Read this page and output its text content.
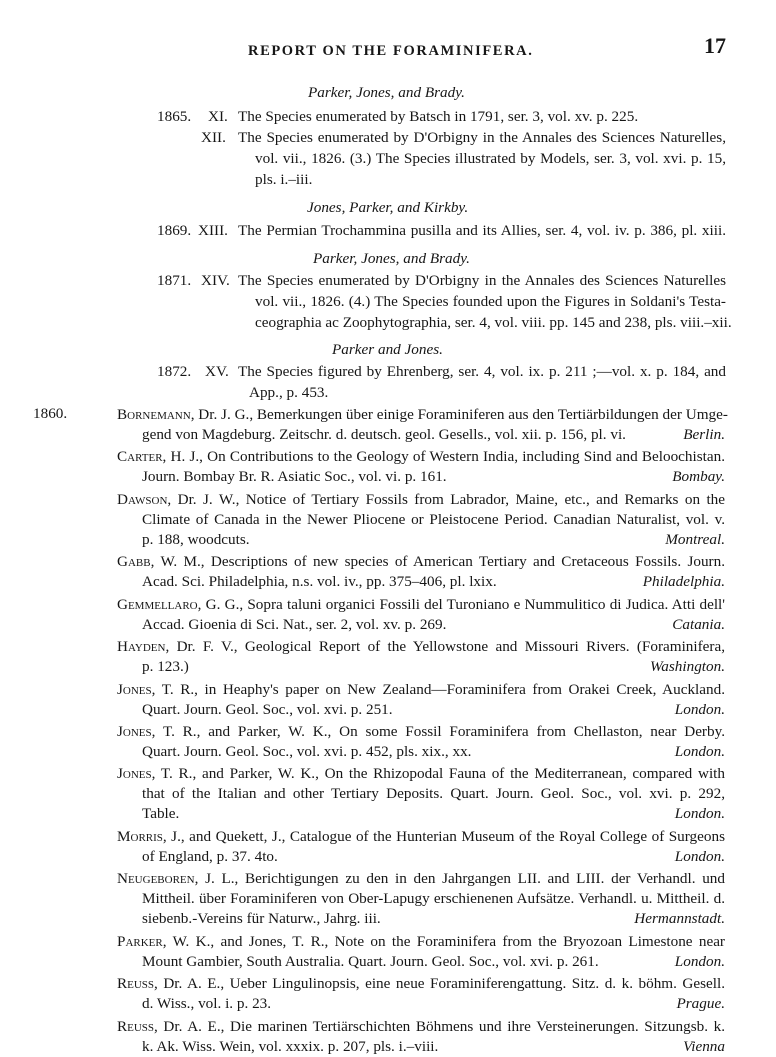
REPORT ON THE FORAMINIFERA.	17
Parker, Jones, and Brady.
1865. XI. The Species enumerated by Batsch in 1791, ser. 3, vol. xv. p. 225.
XII. The Species enumerated by D'Orbigny in the Annales des Sciences Naturelles,
vol. vii., 1826. (3.) The Species illustrated by Models, ser. 3, vol. xvi. p. 15,
pls. i.–iii.
Jones, Parker, and Kirkby.
1869. XIII. The Permian Trochammina pusilla and its Allies, ser. 4, vol. iv. p. 386, pl. xiii.
Parker, Jones, and Brady.
1871. XIV. The Species enumerated by D'Orbigny in the Annales des Sciences Naturelles
vol. vii., 1826. (4.) The Species founded upon the Figures in Soldani's Testa-
ceographia ac Zoophytographia, ser. 4, vol. viii. pp. 145 and 238, pls. viii.–xii.
Parker and Jones.
1872. XV. The Species figured by Ehrenberg, ser. 4, vol. ix. p. 211 ;—vol. x. p. 184, and
App., p. 453.
1860.	Bornemann, Dr. J. G., Bemerkungen über einige Foraminiferen aus den Tertiärbildungen der Umge-
gend von Magdeburg. Zeitschr. d. deutsch. geol. Gesells., vol. xii. p. 156, pl. vi.	Berlin.
Carter, H. J., On Contributions to the Geology of Western India, including Sind and Beloochistan.
Journ. Bombay Br. R. Asiatic Soc., vol. vi. p. 161.	Bombay.
Dawson, Dr. J. W., Notice of Tertiary Fossils from Labrador, Maine, etc., and Remarks on the
Climate of Canada in the Newer Pliocene or Pleistocene Period. Canadian Naturalist, vol. v.
p. 188, woodcuts.	Montreal.
Gabb, W. M., Descriptions of new species of American Tertiary and Cretaceous Fossils. Journ.
Acad. Sci. Philadelphia, n.s. vol. iv., pp. 375–406, pl. lxix.	Philadelphia.
Gemmellaro, G. G., Sopra taluni organici Fossili del Turoniano e Nummulitico di Judica. Atti dell'
Accad. Gioenia di Sci. Nat., ser. 2, vol. xv. p. 269.	Catania.
Hayden, Dr. F. V., Geological Report of the Yellowstone and Missouri Rivers. (Foraminifera,
p. 123.)	Washington.
Jones, T. R., in Heaphy's paper on New Zealand—Foraminifera from Orakei Creek, Auckland.
Quart. Journ. Geol. Soc., vol. xvi. p. 251.	London.
Jones, T. R., and Parker, W. K., On some Fossil Foraminifera from Chellaston, near Derby.
Quart. Journ. Geol. Soc., vol. xvi. p. 452, pls. xix., xx.	London.
Jones, T. R., and Parker, W. K., On the Rhizopodal Fauna of the Mediterranean, compared with
that of the Italian and other Tertiary Deposits. Quart. Journ. Geol. Soc., vol. xvi. p. 292,
Table.	London.
Morris, J., and Quekett, J., Catalogue of the Hunterian Museum of the Royal College of Surgeons
of England, p. 37. 4to.	London.
Neugeboren, J. L., Berichtigungen zu den in den Jahrgangen LII. and LIII. der Verhandl. und
Mittheil. über Foraminiferen von Ober-Lapugy erschienenen Aufsätze. Verhandl. u. Mittheil. d.
siebenb.-Vereins für Naturw., Jahrg. iii.	Hermannstadt.
Parker, W. K., and Jones, T. R., Note on the Foraminifera from the Bryozoan Limestone near
Mount Gambier, South Australia. Quart. Journ. Geol. Soc., vol. xvi. p. 261.	London.
Reuss, Dr. A. E., Ueber Lingulinopsis, eine neue Foraminiferengattung. Sitz. d. k. böhm. Gesell.
d. Wiss., vol. i. p. 23.	Prague.
Reuss, Dr. A. E., Die marinen Tertiärschichten Böhmens und ihre Versteinerungen. Sitzungsb. k.
k. Ak. Wiss. Wein, vol. xxxix. p. 207, pls. i.–viii.	Vienna
